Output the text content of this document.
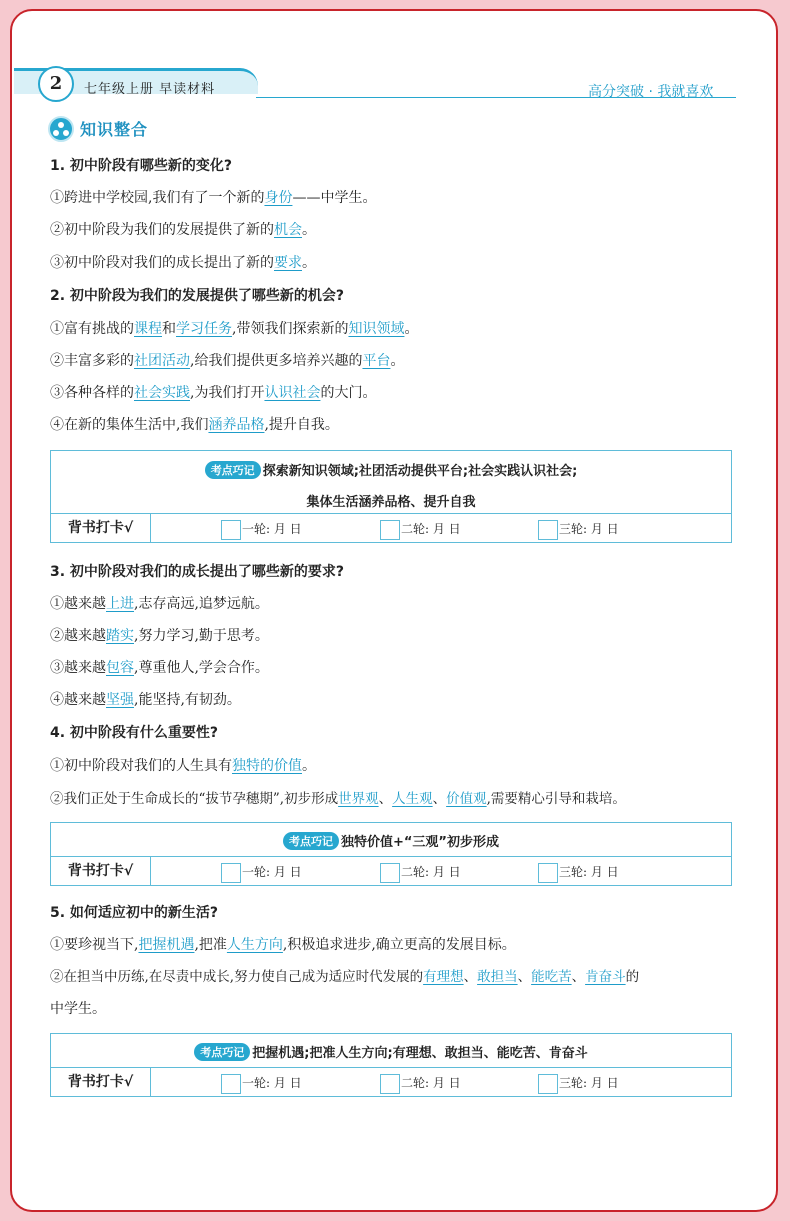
2	七年级上册 早读材料	高分突破 · 我就喜欢
知识整合
1. 初中阶段有哪些新的变化?
①跨进中学校园,我们有了一个新的身份——中学生。
②初中阶段为我们的发展提供了新的机会。
③初中阶段对我们的成长提出了新的要求。
2. 初中阶段为我们的发展提供了哪些新的机会?
①富有挑战的课程和学习任务,带领我们探索新的知识领域。
②丰富多彩的社团活动,给我们提供更多培养兴趣的平台。
③各种各样的社会实践,为我们打开认识社会的大门。
④在新的集体生活中,我们涵养品格,提升自我。
考点巧记 探索新知识领域;社团活动提供平台;社会实践认识社会;
集体生活涵养品格、提升自我
背书打卡√	一轮: 月 日	二轮: 月 日	三轮: 月 日
3. 初中阶段对我们的成长提出了哪些新的要求?
①越来越上进,志存高远,追梦远航。
②越来越踏实,努力学习,勤于思考。
③越来越包容,尊重他人,学会合作。
④越来越坚强,能坚持,有韧劲。
4. 初中阶段有什么重要性?
①初中阶段对我们的人生具有独特的价值。
②我们正处于生命成长的“拔节孕穗期”,初步形成世界观、人生观、价值观,需要精心引导和栽培。
考点巧记 独特价值+“三观”初步形成
背书打卡√	一轮: 月 日	二轮: 月 日	三轮: 月 日
5. 如何适应初中的新生活?
①要珍视当下,把握机遇,把准人生方向,积极追求进步,确立更高的发展目标。
②在担当中历练,在尽责中成长,努力使自己成为适应时代发展的有理想、敢担当、能吃苦、肯奋斗的
中学生。
考点巧记 把握机遇;把准人生方向;有理想、敢担当、能吃苦、肯奋斗
背书打卡√	一轮: 月 日	二轮: 月 日	三轮: 月 日
